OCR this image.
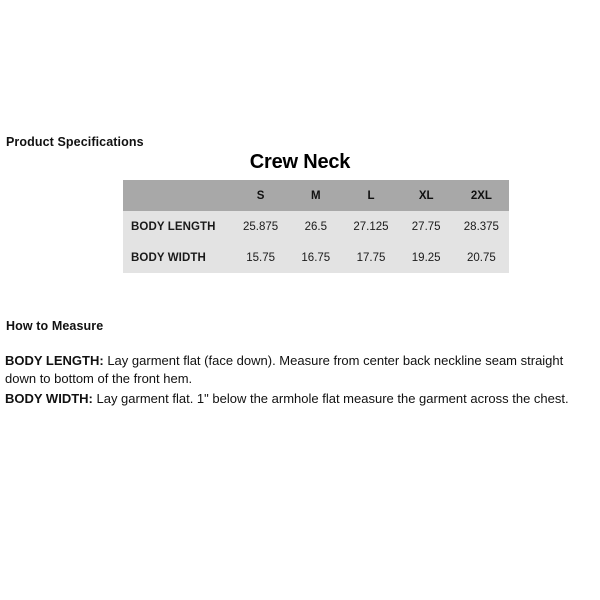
Product Specifications
Crew Neck
	S	M	L	XL	2XL
BODY LENGTH	25.875	26.5	27.125	27.75	28.375
BODY WIDTH	15.75	16.75	17.75	19.25	20.75
How to Measure
BODY LENGTH: Lay garment flat (face down). Measure from center back neckline seam straight down to bottom of the front hem.
BODY WIDTH: Lay garment flat. 1" below the armhole flat measure the garment across the chest.
